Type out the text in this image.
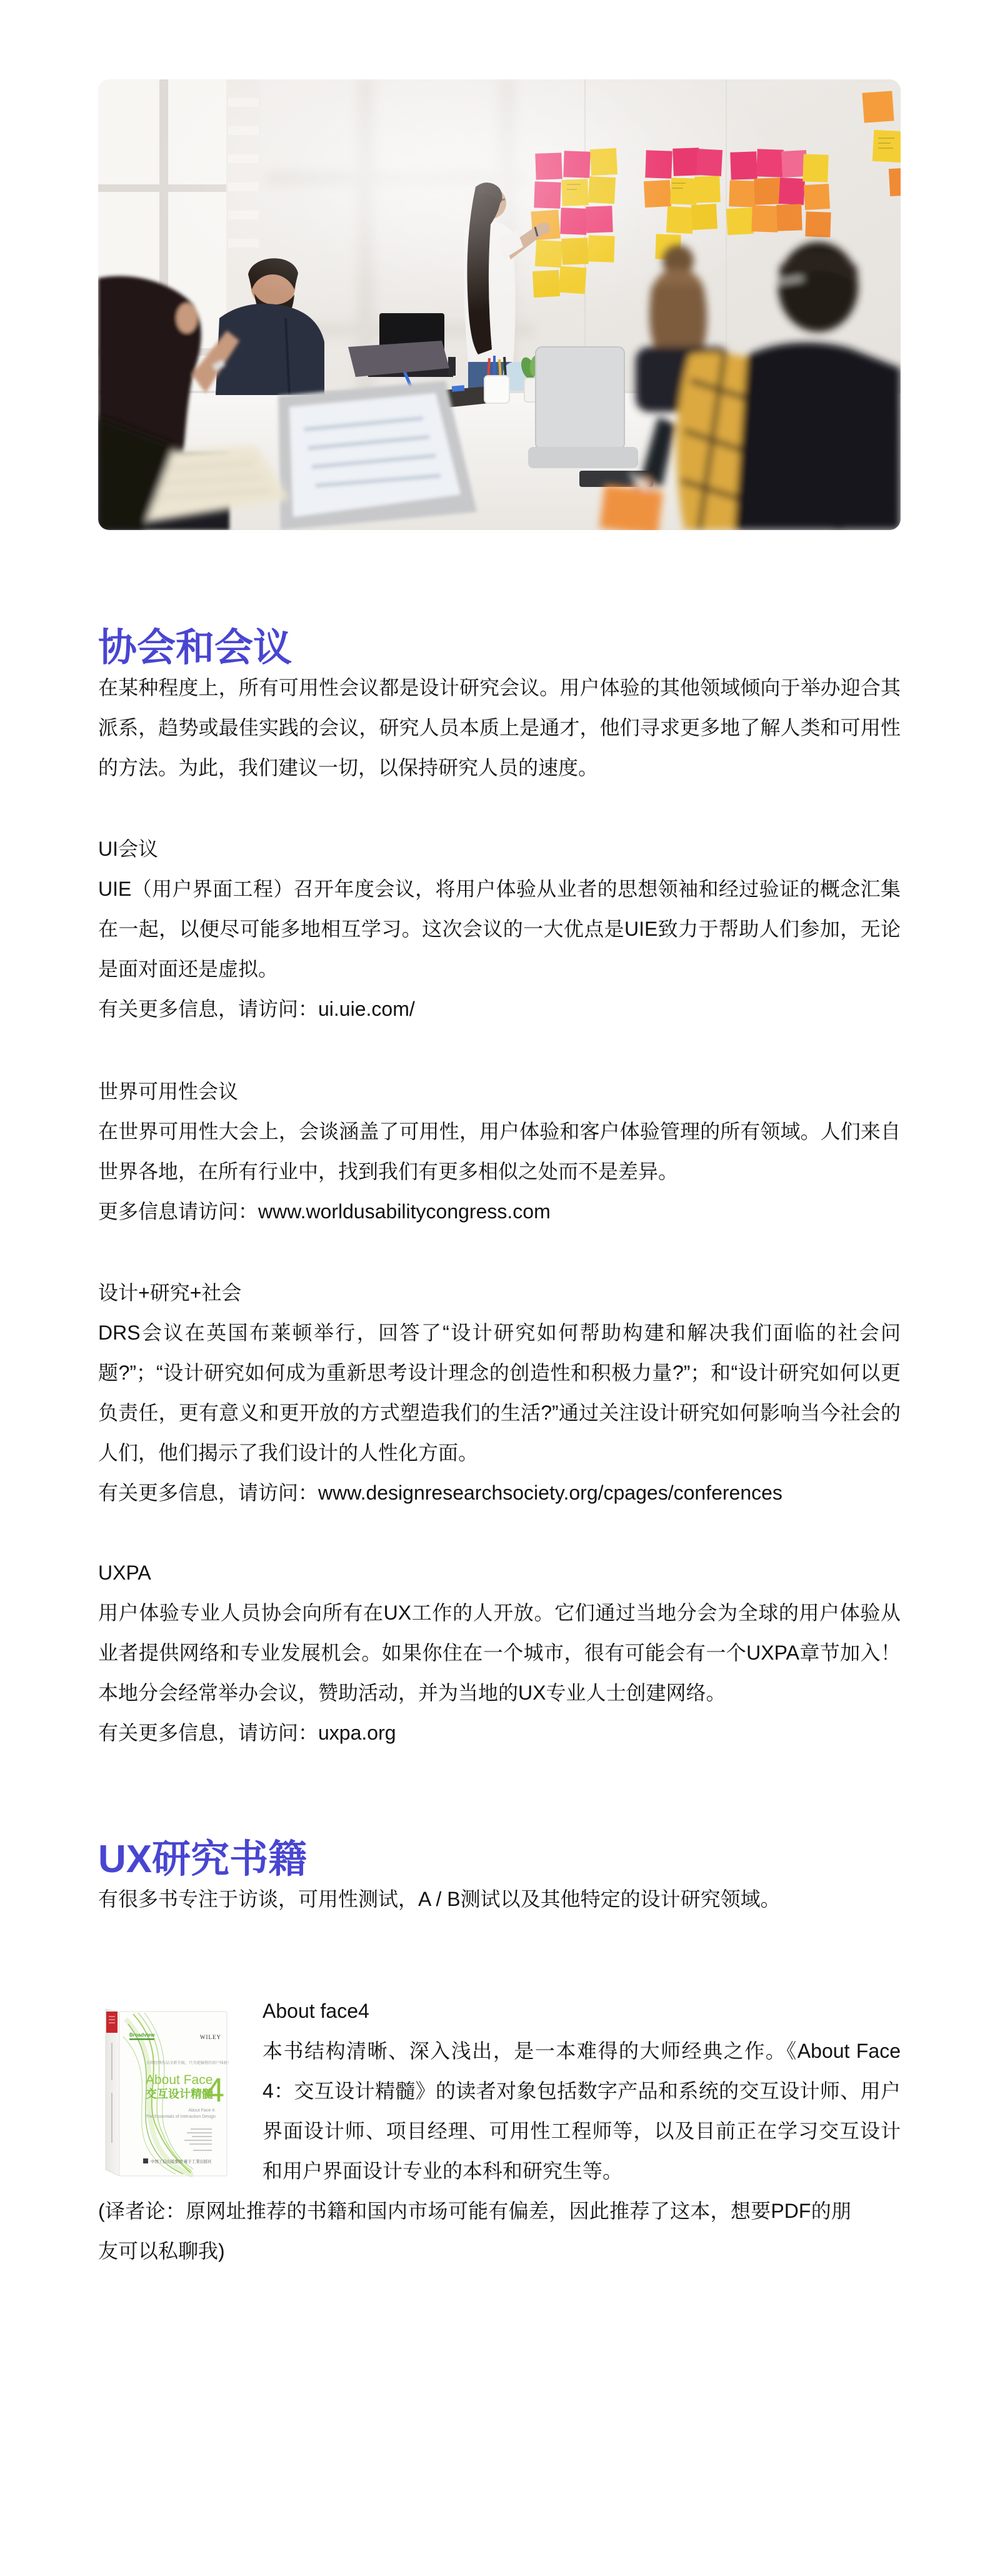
协会和会议

在某种程度上，所有可用性会议都是设计研究会议。用户体验的其他领域倾向于举办迎合其派系，趋势或最佳实践的会议，研究人员本质上是通才，他们寻求更多地了解人类和可用性的方法。为此，我们建议一切，以保持研究人员的速度。

UI会议

UIE（用户界面工程）召开年度会议，将用户体验从业者的思想领袖和经过验证的概念汇集在一起，以便尽可能多地相互学习。这次会议的一大优点是UIE致力于帮助人们参加，无论是面对面还是虚拟。

有关更多信息，请访问：ui.uie.com/

世界可用性会议

在世界可用性大会上，会谈涵盖了可用性，用户体验和客户体验管理的所有领域。人们来自世界各地，在所有行业中，找到我们有更多相似之处而不是差异。

更多信息请访问：www.worldusabilitycongress.com

设计+研究+社会

DRS会议在英国布莱顿举行，回答了“设计研究如何帮助构建和解决我们面临的社会问题?”；“设计研究如何成为重新思考设计理念的创造性和积极力量?”；和“设计研究如何以更负责任，更有意义和更开放的方式塑造我们的生活?”通过关注设计研究如何影响当今社会的人们，他们揭示了我们设计的人性化方面。

有关更多信息，请访问：www.designresearchsociety.org/cpages/conferences

UXPA

用户体验专业人员协会向所有在UX工作的人开放。它们通过当地分会为全球的用户体验从业者提供网络和专业发展机会。如果你住在一个城市，很有可能会有一个UXPA章节加入！本地分会经常举办会议，赞助活动，并为当地的UX专业人士创建网络。

有关更多信息，请访问：uxpa.org

UX研究书籍

有很多书专注于访谈，可用性测试，A / B测试以及其他特定的设计研究领域。

Broadview	WILEY
大师经典作品全新升级，只为更愉悦的用户体验！
About Face
交互设计精髓
4
About Face 4:
The Essentials of Interaction Design
中国工信出版集团 電子工業出版社

About face4

本书结构清晰、深入浅出，是一本难得的大师经典之作。《About Face 4：交互设计精髓》的读者对象包括数字产品和系统的交互设计师、用户界面设计师、项目经理、可用性工程师等，以及目前正在学习交互设计和用户界面设计专业的本科和研究生等。

(译者论：原网址推荐的书籍和国内市场可能有偏差，因此推荐了这本，想要PDF的朋友可以私聊我)
